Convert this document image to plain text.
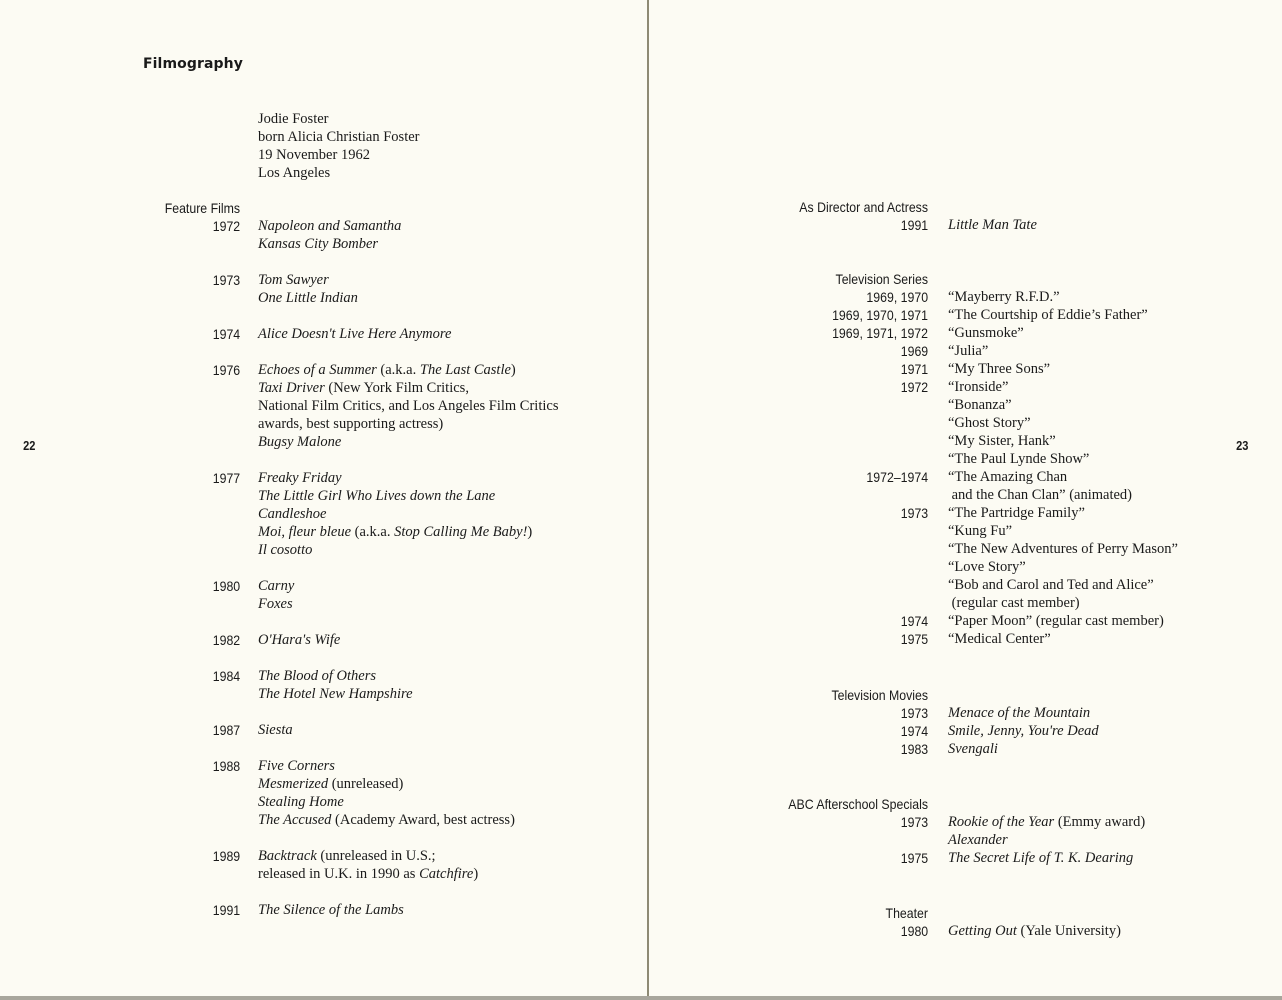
Filmography
Jodie Foster
born Alicia Christian Foster
19 November 1962
Los Angeles
22
Feature Films
1972 Napoleon and Samantha
Kansas City Bomber
1973 Tom Sawyer
One Little Indian
1974 Alice Doesn't Live Here Anymore
1976 Echoes of a Summer (a.k.a. The Last Castle)
Taxi Driver (New York Film Critics,
National Film Critics, and Los Angeles Film Critics
awards, best supporting actress)
Bugsy Malone
1977 Freaky Friday
The Little Girl Who Lives down the Lane
Candleshoe
Moi, fleur bleue (a.k.a. Stop Calling Me Baby!)
Il cosotto
1980 Carny
Foxes
1982 O'Hara's Wife
1984 The Blood of Others
The Hotel New Hampshire
1987 Siesta
1988 Five Corners
Mesmerized (unreleased)
Stealing Home
The Accused (Academy Award, best actress)
1989 Backtrack (unreleased in U.S.;
released in U.K. in 1990 as Catchfire)
1991 The Silence of the Lambs
23
As Director and Actress
1991 Little Man Tate
Television Series
1969, 1970 “Mayberry R.F.D.”
1969, 1970, 1971 “The Courtship of Eddie’s Father”
1969, 1971, 1972 “Gunsmoke”
1969 “Julia”
1971 “My Three Sons”
1972 “Ironside”
“Bonanza”
“Ghost Story”
“My Sister, Hank”
“The Paul Lynde Show”
1972–1974 “The Amazing Chan
and the Chan Clan” (animated)
1973 “The Partridge Family”
“Kung Fu”
“The New Adventures of Perry Mason”
“Love Story”
“Bob and Carol and Ted and Alice”
(regular cast member)
1974 “Paper Moon” (regular cast member)
1975 “Medical Center”
Television Movies
1973 Menace of the Mountain
1974 Smile, Jenny, You're Dead
1983 Svengali
ABC Afterschool Specials
1973 Rookie of the Year (Emmy award)
Alexander
1975 The Secret Life of T. K. Dearing
Theater
1980 Getting Out (Yale University)
